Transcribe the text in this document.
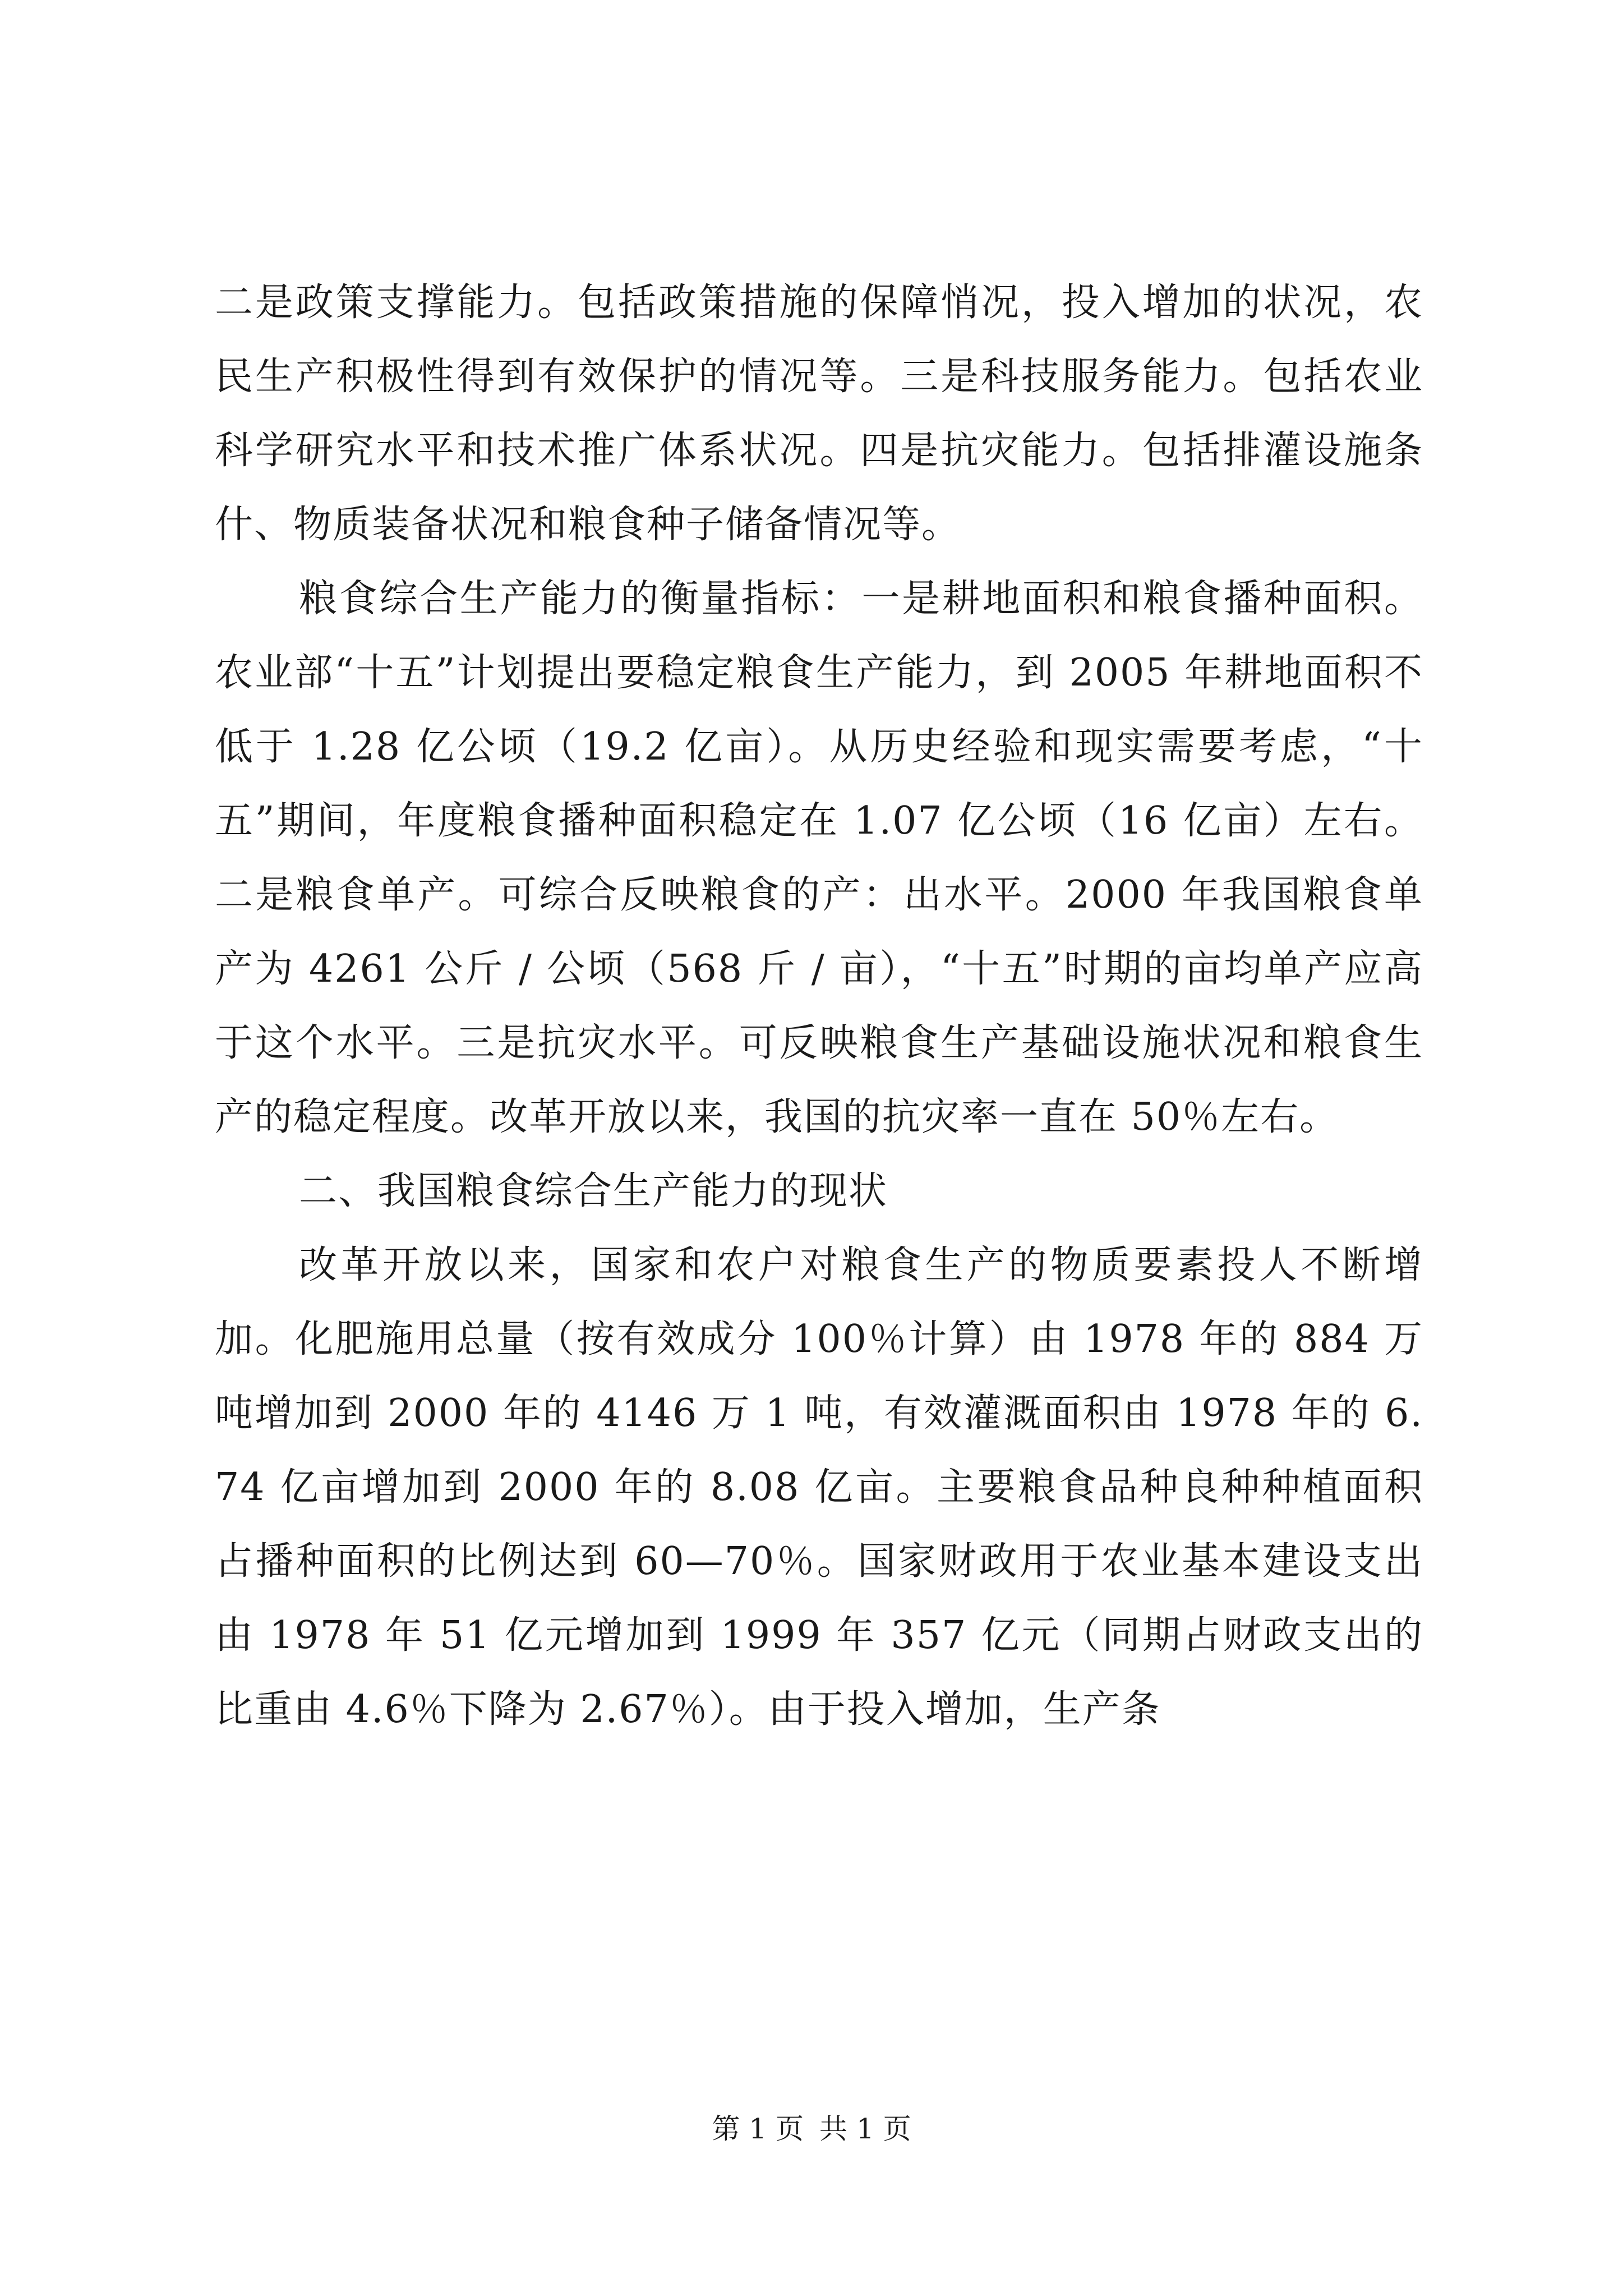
二是政策支撑能力。包括政策措施的保障悄况，投入增加的状况，农民生产积极性得到有效保护的情况等。三是科技服务能力。包括农业科学研究水平和技术推广体系状况。四是抗灾能力。包括排灌设施条什、物质装备状况和粮食种子储备情况等。

粮食综合生产能力的衡量指标：一是耕地面积和粮食播种面积。农业部“十五”计划提出要稳定粮食生产能力，到 2005 年耕地面积不低于 1.28 亿公顷（19.2 亿亩）。从历史经验和现实需要考虑，“十五”期间，年度粮食播种面积稳定在 1.07 亿公顷（16 亿亩）左右。二是粮食单产。可综合反映粮食的产：出水平。2000 年我国粮食单产为 4261 公斤 / 公顷（568 斤 / 亩），“十五”时期的亩均单产应高于这个水平。三是抗灾水平。可反映粮食生产基础设施状况和粮食生产的稳定程度。改革开放以来，我国的抗灾率一直在 50％左右。

二、我国粮食综合生产能力的现状

改革开放以来，国家和农户对粮食生产的物质要素投人不断增加。化肥施用总量（按有效成分 100％计算）由 1978 年的 884 万吨增加到 2000 年的 4146 万 1 吨，有效灌溉面积由 1978 年的 6.74 亿亩增加到 2000 年的 8.08 亿亩。主要粮食品种良种种植面积占播种面积的比例达到 60—70％。国家财政用于农业基本建设支出由 1978 年 51 亿元增加到 1999 年 357 亿元（同期占财政支出的比重由 4.6％下降为 2.67％）。由于投入增加，生产条

第 1 页 共 1 页
